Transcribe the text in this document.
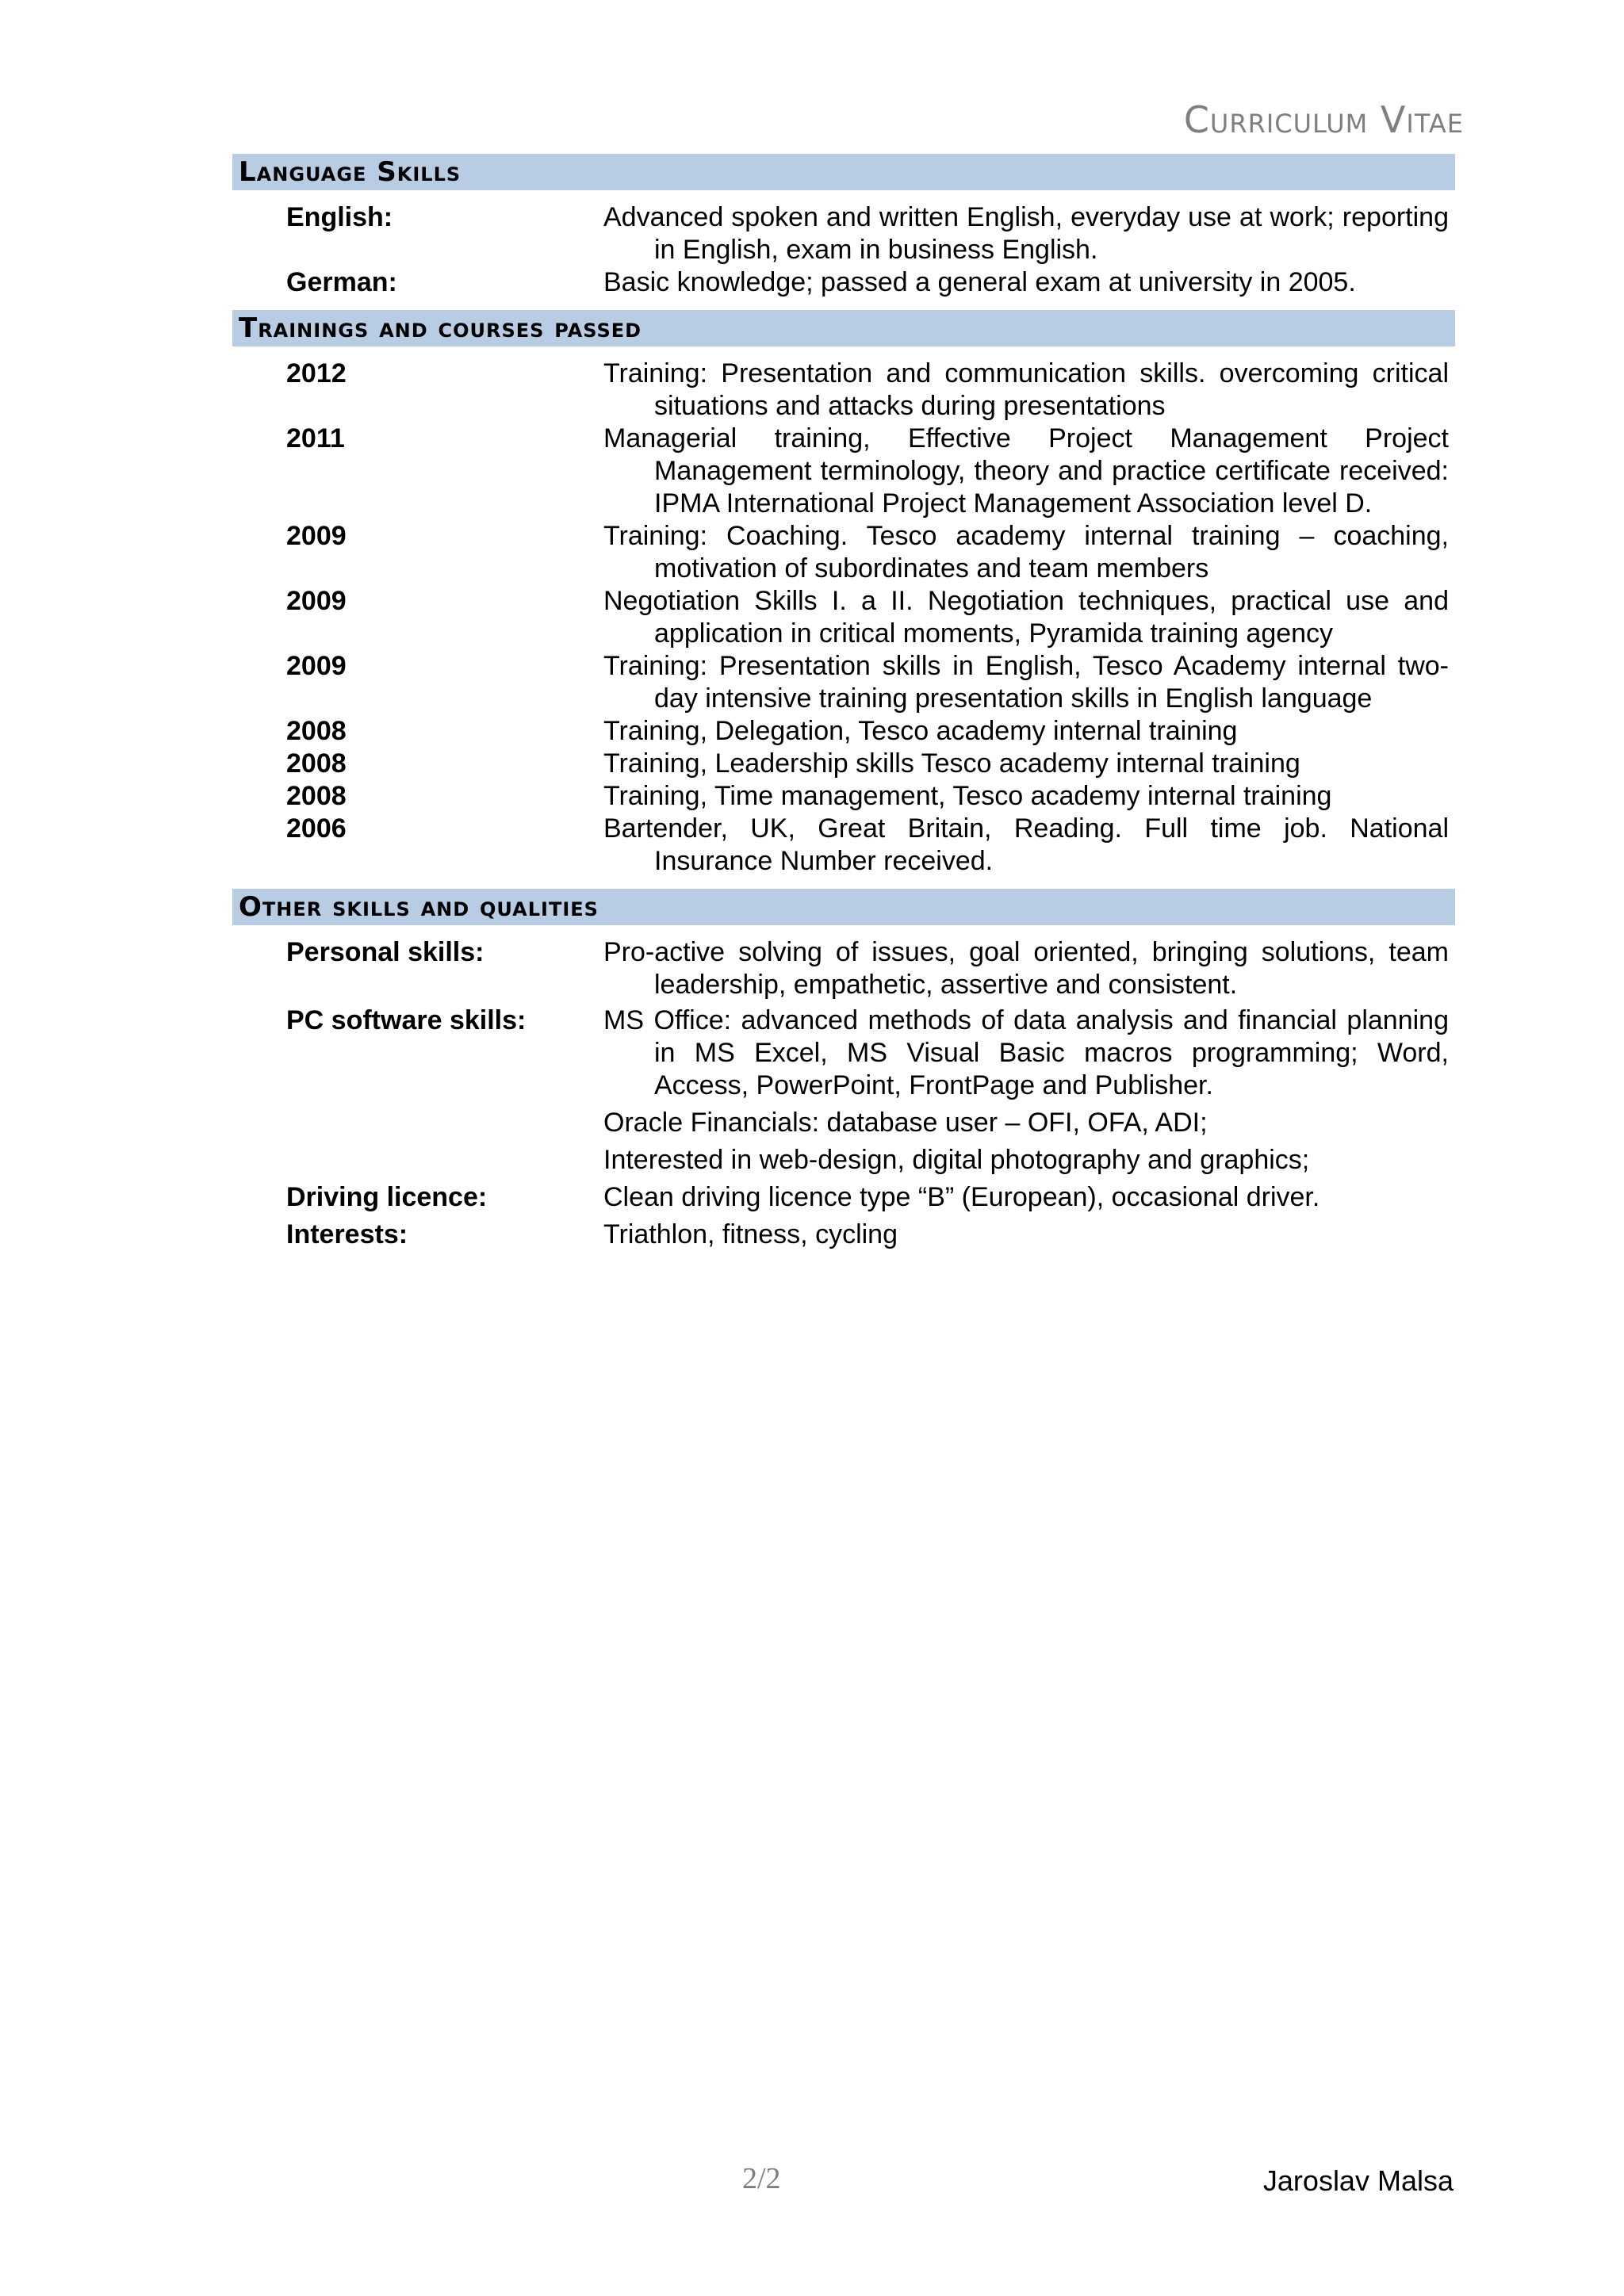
Curriculum Vitae
Language Skills
English:	Advanced spoken and written English, everyday use at work; reporting in English, exam in business English.
German:	Basic knowledge; passed a general exam at university in 2005.
Trainings and courses passed
2012	Training: Presentation and communication skills. overcoming critical situations and attacks during presentations
2011	Managerial training, Effective Project Management Project Management terminology, theory and practice certificate received: IPMA International Project Management Association level D.
2009	Training: Coaching. Tesco academy internal training – coaching, motivation of subordinates and team members
2009	Negotiation Skills I. a II. Negotiation techniques, practical use and application in critical moments, Pyramida training agency
2009	Training: Presentation skills in English, Tesco Academy internal two-day intensive training presentation skills in English language
2008	Training, Delegation, Tesco academy internal training
2008	Training, Leadership skills Tesco academy internal training
2008	Training, Time management, Tesco academy internal training
2006	Bartender, UK, Great Britain, Reading. Full time job. National Insurance Number received.
Other skills and qualities
Personal skills:	Pro-active solving of issues, goal oriented, bringing solutions, team leadership, empathetic, assertive and consistent.
PC software skills:	MS Office: advanced methods of data analysis and financial planning in MS Excel, MS Visual Basic macros programming; Word, Access, PowerPoint, FrontPage and Publisher.
Oracle Financials: database user – OFI, OFA, ADI;
Interested in web-design, digital photography and graphics;
Driving licence:	Clean driving licence type “B” (European), occasional driver.
Interests:	Triathlon, fitness, cycling
2/2	Jaroslav Malsa
